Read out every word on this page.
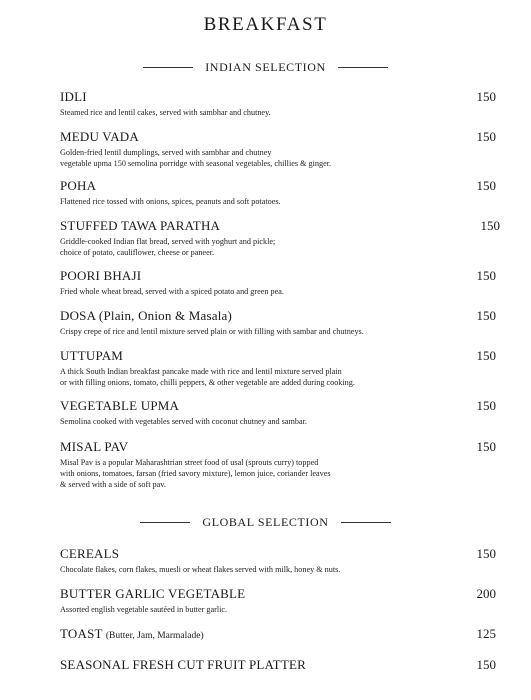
BREAKFAST
INDIAN SELECTION
IDLI	150
Steamed rice and lentil cakes, served with sambhar and chutney.
MEDU VADA	150
Golden-fried lentil dumplings, served with sambhar and chutney
vegetable upma 150 semolina porridge with seasonal vegetables, chillies & ginger.
POHA	150
Flattened rice tossed with onions, spices, peanuts and soft potatoes.
STUFFED TAWA PARATHA	150
Griddle-cooked Indian flat bread, served with yoghurt and pickle;
choice of potato, cauliflower, cheese or paneer.
POORI BHAJI	150
Fried whole wheat bread, served with a spiced potato and green pea.
DOSA (Plain, Onion & Masala)	150
Crispy crepe of rice and lentil mixture served plain or with filling with sambar and chutneys.
UTTUPAM	150
A thick South Indian breakfast pancake made with rice and lentil mixture served plain
or with filling onions, tomato, chilli peppers, & other vegetable are added during cooking.
VEGETABLE UPMA	150
Semolina cooked with vegetables served with coconut chutney and sambar.
MISAL PAV	150
Misal Pav is a popular Maharashtrian street food of usal (sprouts curry) topped
with onions, tomatoes, farsan (fried savory mixture), lemon juice, coriander leaves
& served with a side of soft pav.
GLOBAL SELECTION
CEREALS	150
Chocolate flakes, corn flakes, muesli or wheat flakes served with milk, honey & nuts.
BUTTER GARLIC VEGETABLE	200
Assorted english vegetable sautéed in butter garlic.
TOAST (Butter, Jam, Marmalade)	125
SEASONAL FRESH CUT FRUIT PLATTER	150
